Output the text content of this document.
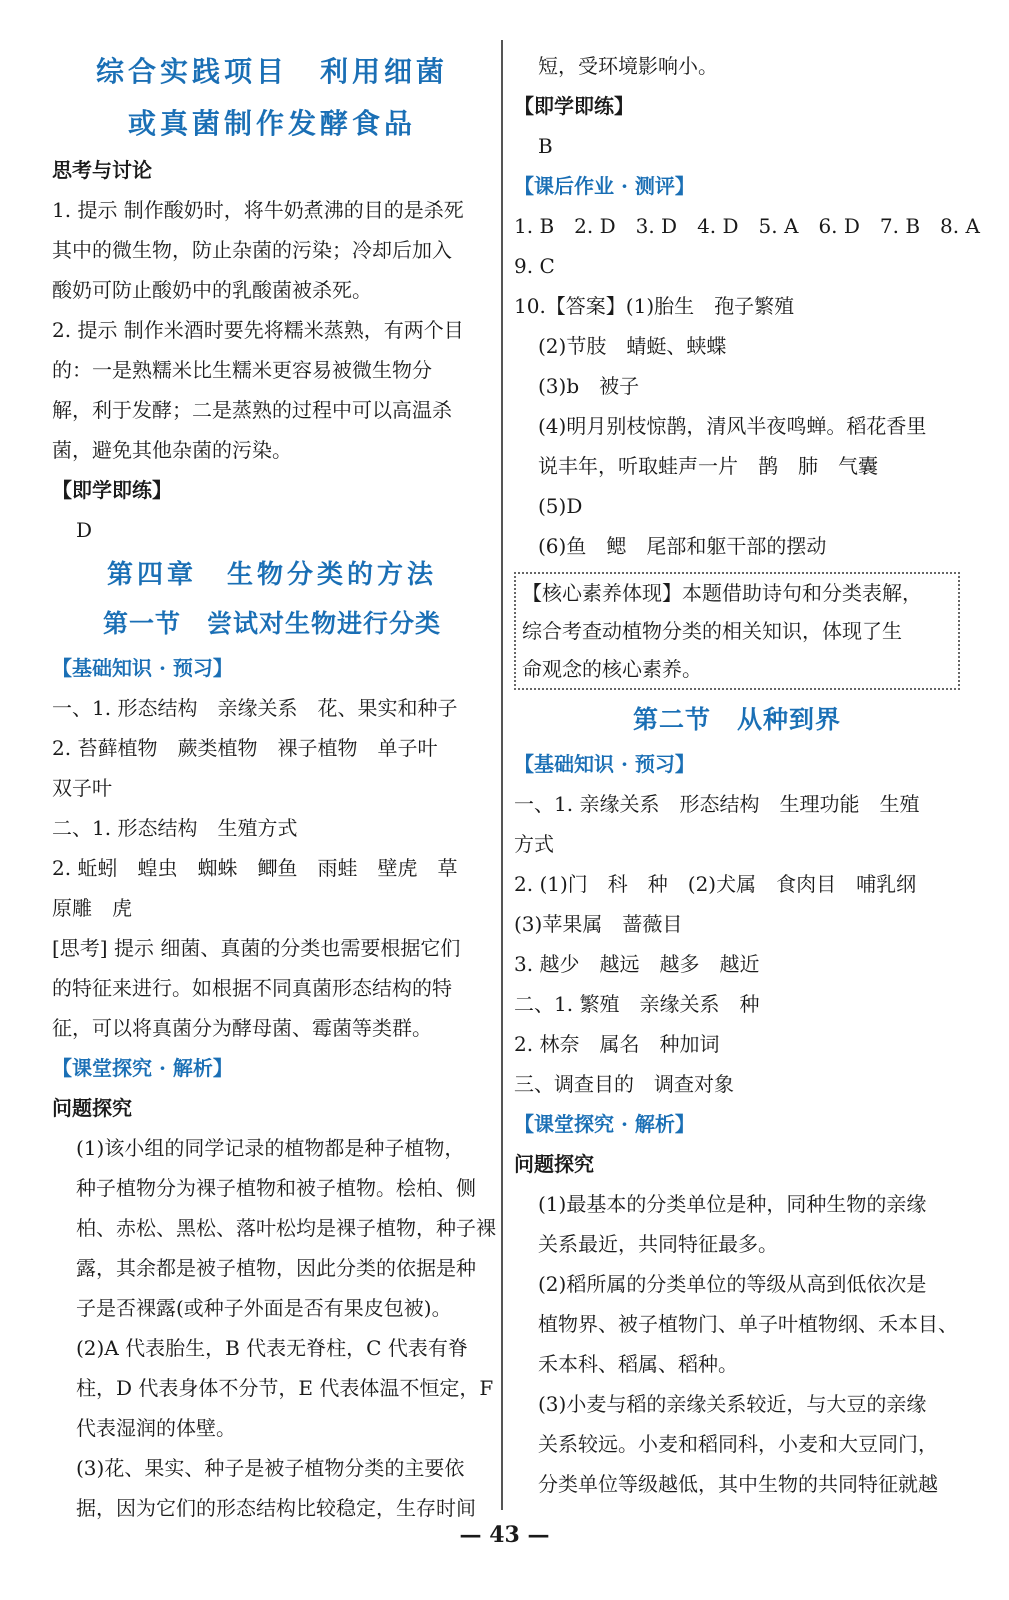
综合实践项目　利用细菌

或真菌制作发酵食品

思考与讨论

1. 提示 制作酸奶时，将牛奶煮沸的目的是杀死

其中的微生物，防止杂菌的污染；冷却后加入

酸奶可防止酸奶中的乳酸菌被杀死。

2. 提示 制作米酒时要先将糯米蒸熟，有两个目

的：一是熟糯米比生糯米更容易被微生物分

解，利于发酵；二是蒸熟的过程中可以高温杀

菌，避免其他杂菌的污染。

【即学即练】

D

第四章　生物分类的方法

第一节　尝试对生物进行分类

【基础知识 · 预习】

一、1. 形态结构　亲缘关系　花、果实和种子

2. 苔藓植物　蕨类植物　裸子植物　单子叶

双子叶

二、1. 形态结构　生殖方式

2. 蚯蚓　蝗虫　蜘蛛　鲫鱼　雨蛙　壁虎　草

原雕　虎

[思考] 提示 细菌、真菌的分类也需要根据它们

的特征来进行。如根据不同真菌形态结构的特

征，可以将真菌分为酵母菌、霉菌等类群。

【课堂探究 · 解析】

问题探究

(1)该小组的同学记录的植物都是种子植物，

种子植物分为裸子植物和被子植物。桧柏、侧

柏、赤松、黑松、落叶松均是裸子植物，种子裸

露，其余都是被子植物，因此分类的依据是种

子是否裸露(或种子外面是否有果皮包被)。

(2)A 代表胎生，B 代表无脊柱，C 代表有脊

柱，D 代表身体不分节，E 代表体温不恒定，F

代表湿润的体壁。

(3)花、果实、种子是被子植物分类的主要依

据，因为它们的形态结构比较稳定，生存时间

短，受环境影响小。

【即学即练】

B

【课后作业 · 测评】

1. B　2. D　3. D　4. D　5. A　6. D　7. B　8. A

9. C

10.【答案】(1)胎生　孢子繁殖

(2)节肢　蜻蜓、蛱蝶

(3)b　被子

(4)明月别枝惊鹊，清风半夜鸣蝉。稻花香里

说丰年，听取蛙声一片　鹊　肺　气囊

(5)D

(6)鱼　鳃　尾部和躯干部的摆动

【核心素养体现】本题借助诗句和分类表解，

综合考查动植物分类的相关知识，体现了生

命观念的核心素养。

第二节　从种到界

【基础知识 · 预习】

一、1. 亲缘关系　形态结构　生理功能　生殖

方式

2. (1)门　科　种　(2)犬属　食肉目　哺乳纲

(3)苹果属　蔷薇目

3. 越少　越远　越多　越近

二、1. 繁殖　亲缘关系　种

2. 林奈　属名　种加词

三、调查目的　调查对象

【课堂探究 · 解析】

问题探究

(1)最基本的分类单位是种，同种生物的亲缘

关系最近，共同特征最多。

(2)稻所属的分类单位的等级从高到低依次是

植物界、被子植物门、单子叶植物纲、禾本目、

禾本科、稻属、稻种。

(3)小麦与稻的亲缘关系较近，与大豆的亲缘

关系较远。小麦和稻同科，小麦和大豆同门，

分类单位等级越低，其中生物的共同特征就越

— 43 —
